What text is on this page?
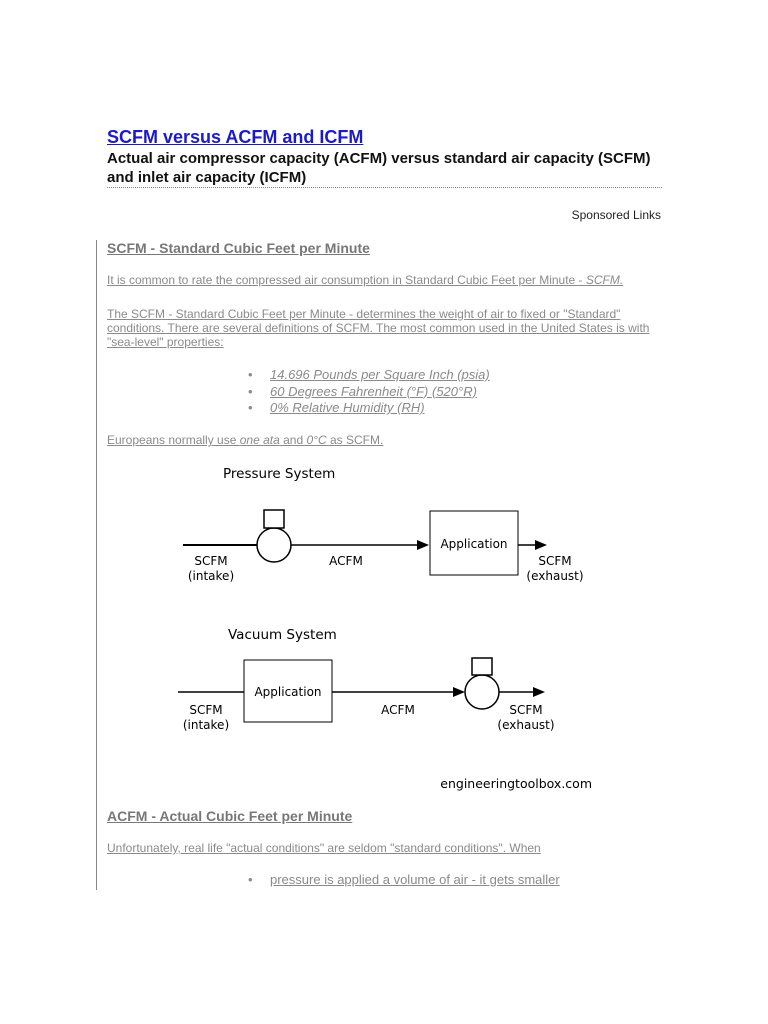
SCFM versus ACFM and ICFM
Actual air compressor capacity (ACFM) versus standard air capacity (SCFM) and inlet air capacity (ICFM)
Sponsored Links
SCFM - Standard Cubic Feet per Minute

It is common to rate the compressed air consumption in Standard Cubic Feet per Minute - SCFM.

The SCFM - Standard Cubic Feet per Minute - determines the weight of air to fixed or "Standard" conditions. There are several definitions of SCFM. The most common used in the United States is with "sea-level" properties:

• 14.696 Pounds per Square Inch (psia)
• 60 Degrees Fahrenheit (°F) (520°R)
• 0% Relative Humidity (RH)

Europeans normally use one ata and 0°C as SCFM.

Pressure System
Application
SCFM
(intake)
ACFM	SCFM
(exhaust)
Vacuum System
Application
SCFM
(intake)
ACFM	SCFM
(exhaust)
engineeringtoolbox.com
ACFM - Actual Cubic Feet per Minute

Unfortunately, real life "actual conditions" are seldom "standard conditions". When

• pressure is applied a volume of air - it gets smaller
